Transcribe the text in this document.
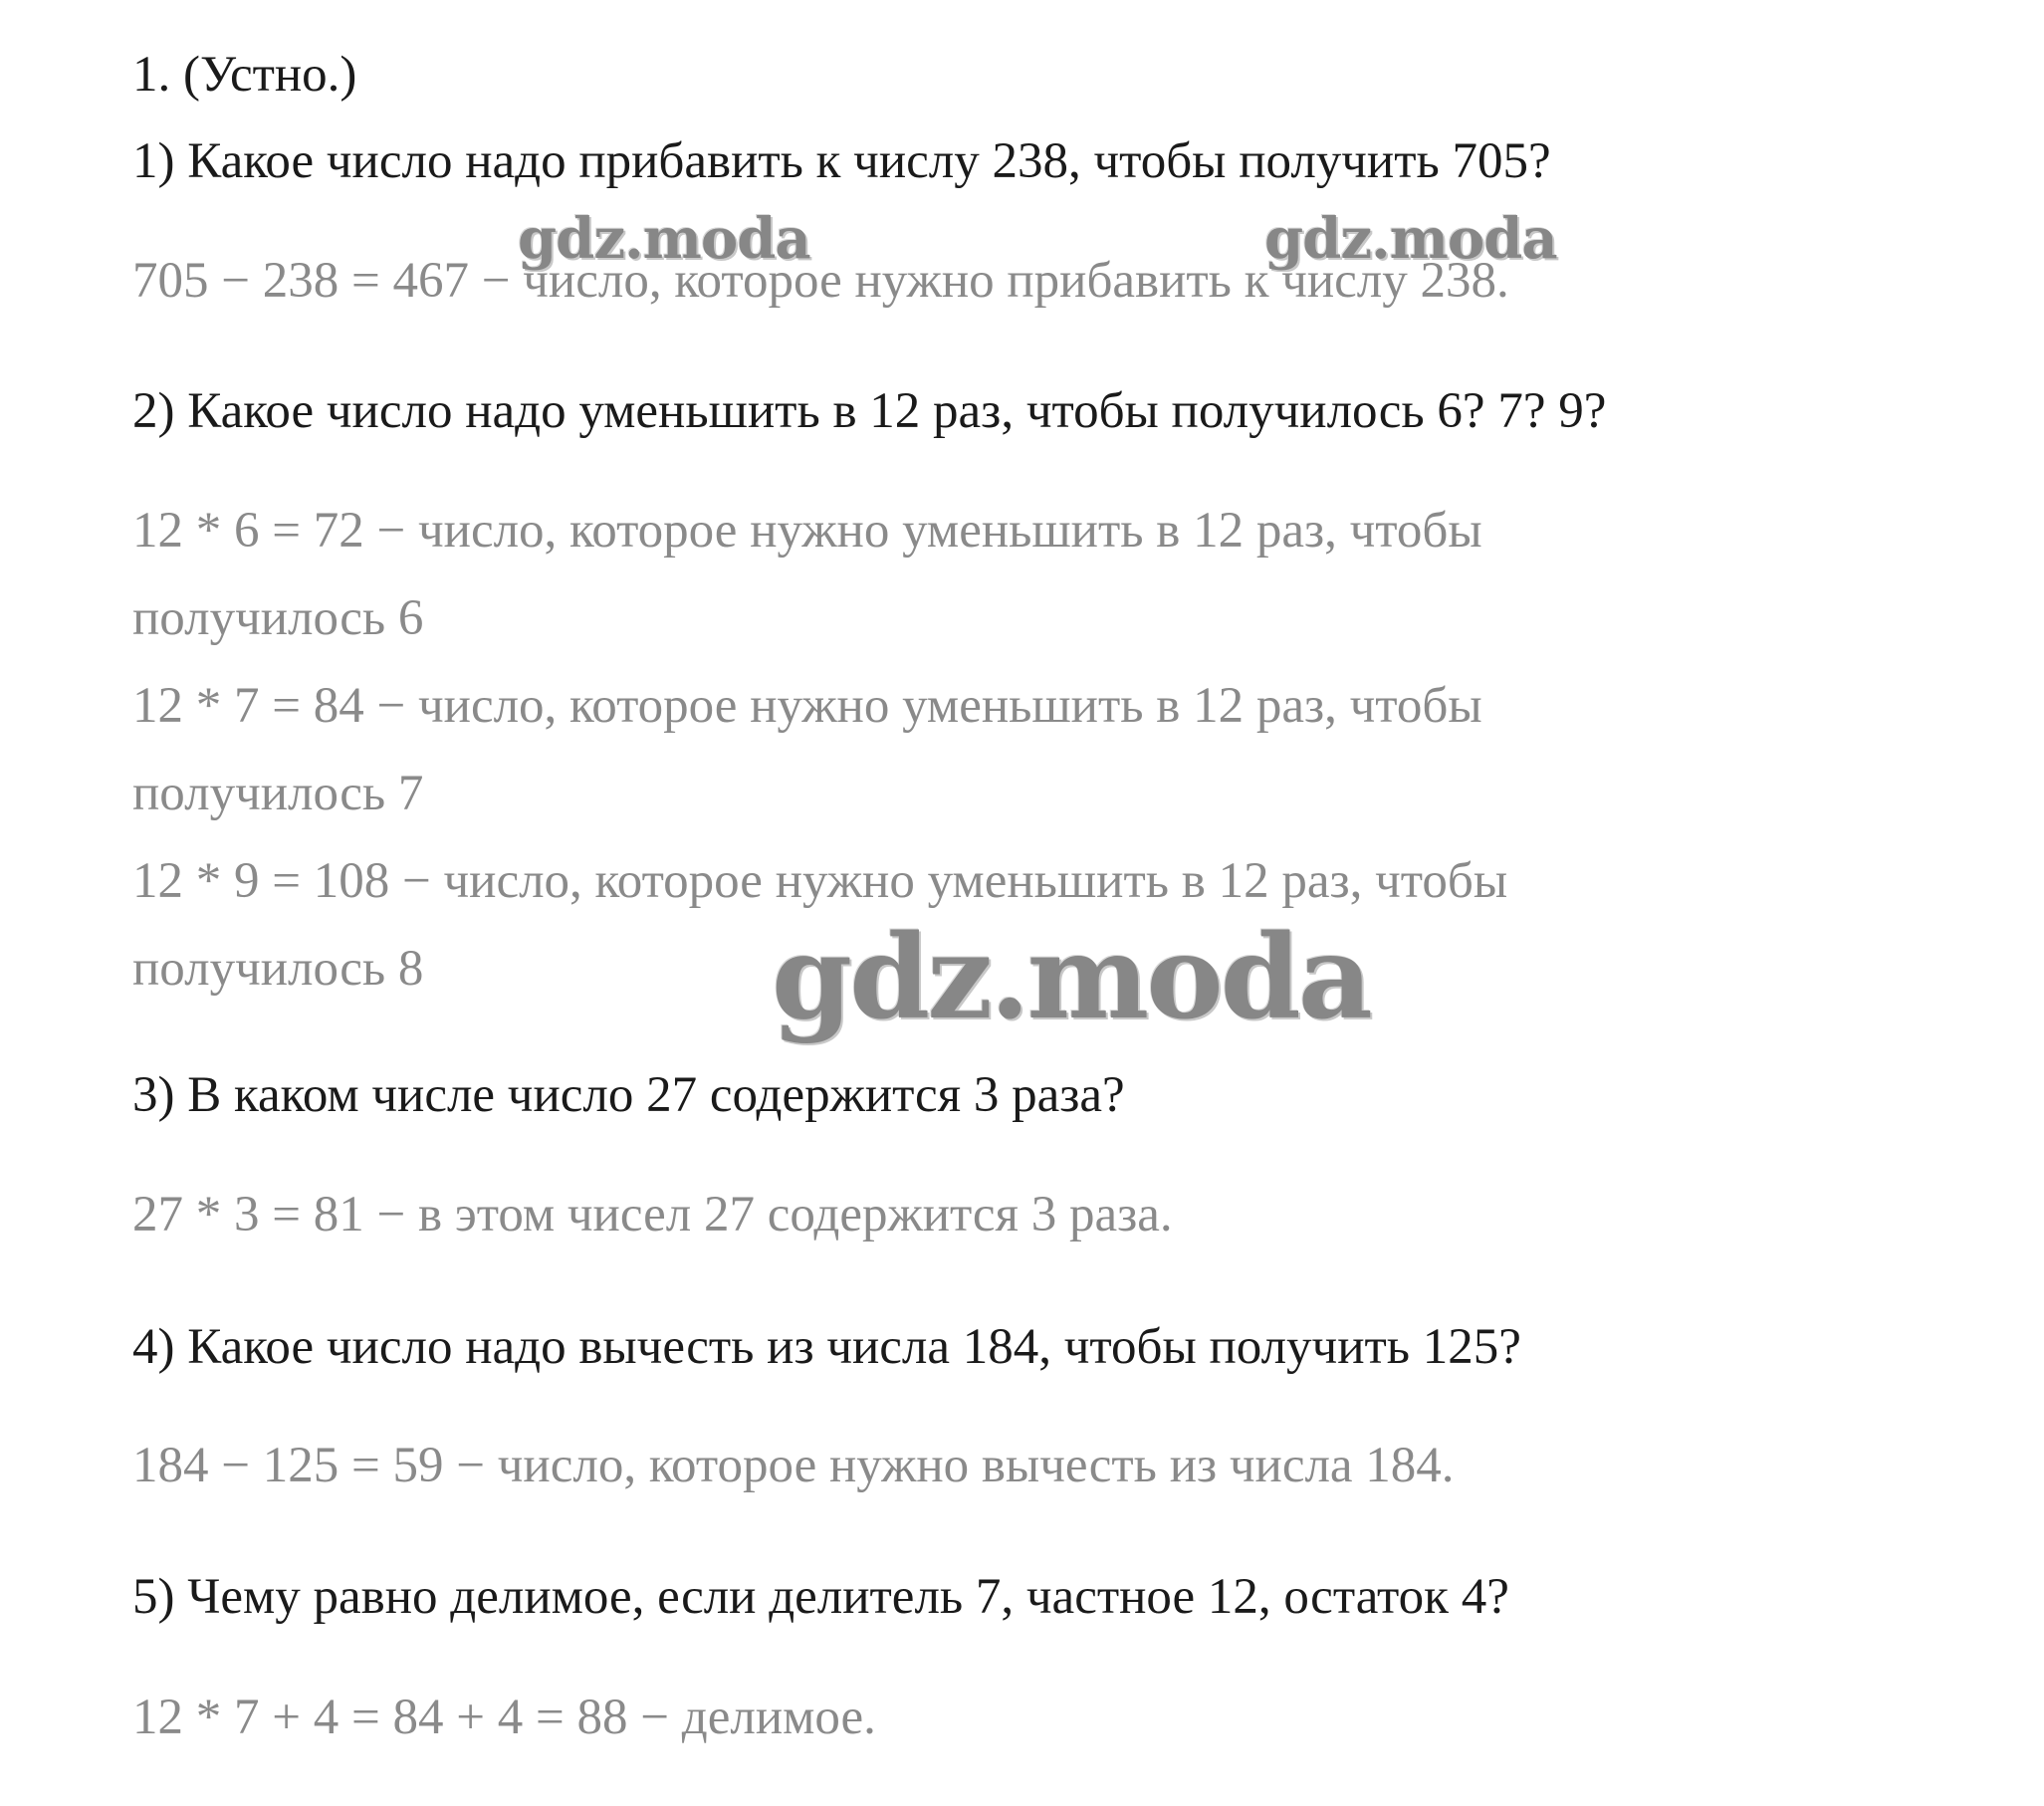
1. (Устно.)

1) Какое число надо прибавить к числу 238, чтобы получить 705?

705 − 238 = 467 − число, которое нужно прибавить к числу 238.

2) Какое число надо уменьшить в 12 раз, чтобы получилось 6? 7? 9?

12 * 6 = 72 − число, которое нужно уменьшить в 12 раз, чтобы

получилось 6

12 * 7 = 84 − число, которое нужно уменьшить в 12 раз, чтобы

получилось 7

12 * 9 = 108 − число, которое нужно уменьшить в 12 раз, чтобы

получилось 8

3) В каком числе число 27 содержится 3 раза?

27 * 3 = 81 − в этом чисел 27 содержится 3 раза.

4) Какое число надо вычесть из числа 184, чтобы получить 125?

184 − 125 = 59 − число, которое нужно вычесть из числа 184.

5) Чему равно делимое, если делитель 7, частное 12, остаток 4?

12 * 7 + 4 = 84 + 4 = 88 − делимое.

gdz.moda	gdz.moda
gdz.moda
